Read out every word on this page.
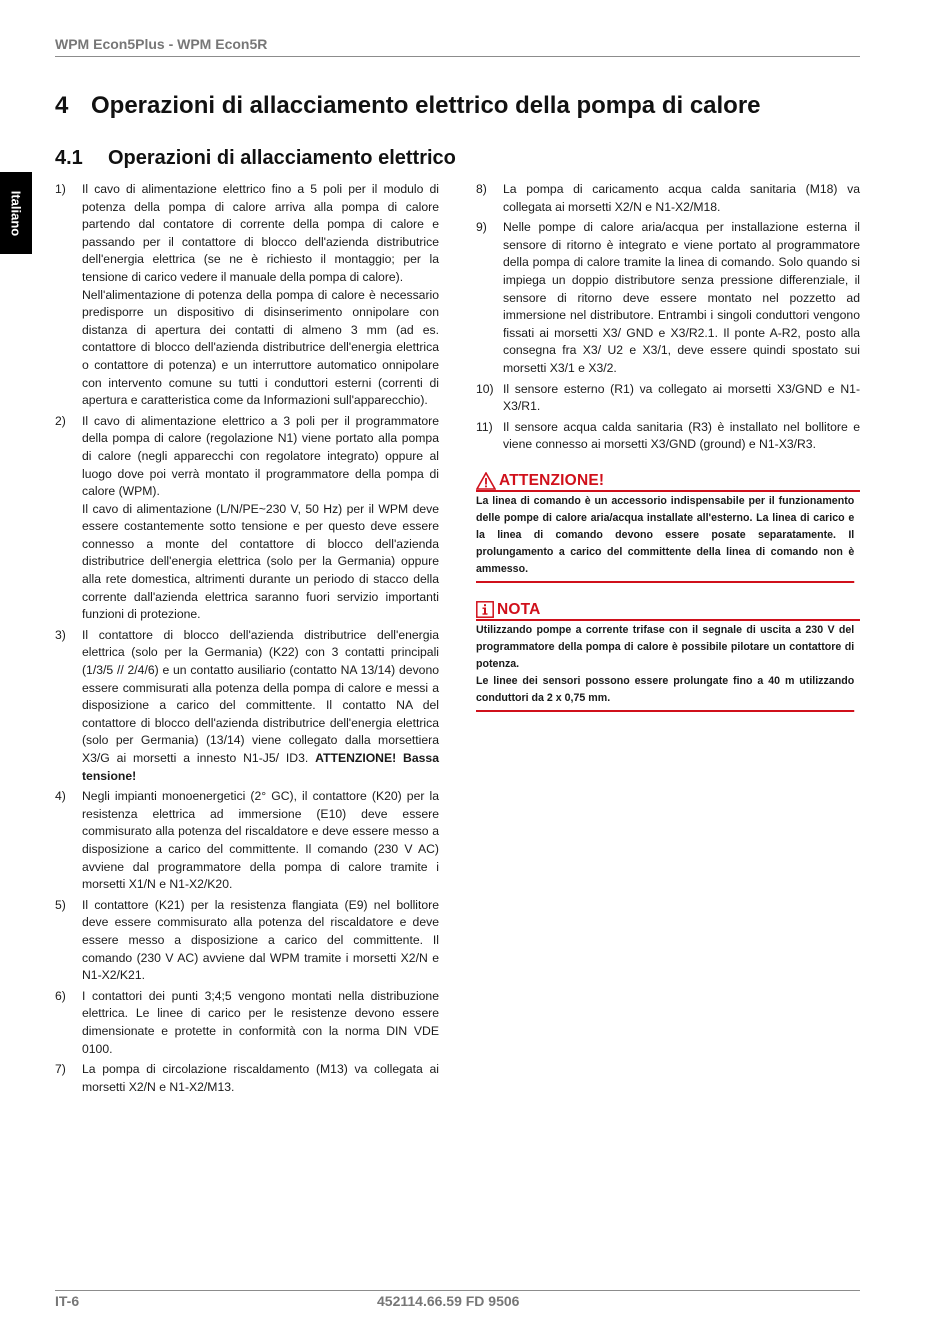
WPM Econ5Plus - WPM Econ5R
Italiano
4 Operazioni di allacciamento elettrico della pompa di calore
4.1 Operazioni di allacciamento elettrico
1)	Il cavo di alimentazione elettrico fino a 5 poli per il modulo di potenza della pompa di calore arriva alla pompa di calore partendo dal contatore di corrente della pompa di calore e passando per il contattore di blocco dell'azienda distributrice dell'energia elettrica (se ne è richiesto il montaggio; per la tensione di carico vedere il manuale della pompa di calore).

Nell'alimentazione di potenza della pompa di calore è necessario predisporre un dispositivo di disinserimento onnipolare con distanza di apertura dei contatti di almeno 3 mm (ad es. contattore di blocco dell'azienda distributrice dell'energia elettrica o contattore di potenza) e un interruttore automatico onnipolare con intervento comune su tutti i conduttori esterni (correnti di apertura e caratteristica come da Informazioni sull'apparecchio).

2)	Il cavo di alimentazione elettrico a 3 poli per il programmatore della pompa di calore (regolazione N1) viene portato alla pompa di calore (negli apparecchi con regolatore integrato) oppure al luogo dove poi verrà montato il programmatore della pompa di calore (WPM).

Il cavo di alimentazione (L/N/PE~230 V, 50 Hz) per il WPM deve essere costantemente sotto tensione e per questo deve essere connesso a monte del contattore di blocco dell'azienda distributrice dell'energia elettrica (solo per la Germania) oppure alla rete domestica, altrimenti durante un periodo di stacco della corrente dall'azienda elettrica saranno fuori servizio importanti funzioni di protezione.

3)	Il contattore di blocco dell'azienda distributrice dell'energia elettrica (solo per la Germania) (K22) con 3 contatti principali (1/3/5 // 2/4/6) e un contatto ausiliario (contatto NA 13/14) devono essere commisurati alla potenza della pompa di calore e messi a disposizione a carico del committente. Il contatto NA del contattore di blocco dell'azienda distributrice dell'energia elettrica (solo per Germania) (13/14) viene collegato dalla morsettiera X3/G ai morsetti a innesto N1-J5/ ID3. ATTENZIONE! Bassa tensione!

4)	Negli impianti monoenergetici (2° GC), il contattore (K20) per la resistenza elettrica ad immersione (E10) deve essere commisurato alla potenza del riscaldatore e deve essere messo a disposizione a carico del committente. Il comando (230 V AC) avviene dal programmatore della pompa di calore tramite i morsetti X1/N e N1-X2/K20.

5)	Il contattore (K21) per la resistenza flangiata (E9) nel bollitore deve essere commisurato alla potenza del riscaldatore e deve essere messo a disposizione a carico del committente. Il comando (230 V AC) avviene dal WPM tramite i morsetti X2/N e N1-X2/K21.

6)	I contattori dei punti 3;4;5 vengono montati nella distribuzione elettrica. Le linee di carico per le resistenze devono essere dimensionate e protette in conformità con la norma DIN VDE 0100.

7)	La pompa di circolazione riscaldamento (M13) va collegata ai morsetti X2/N e N1-X2/M13.

8)	La pompa di caricamento acqua calda sanitaria (M18) va collegata ai morsetti X2/N e N1-X2/M18.

9)	Nelle pompe di calore aria/acqua per installazione esterna il sensore di ritorno è integrato e viene portato al programmatore della pompa di calore tramite la linea di comando. Solo quando si impiega un doppio distributore senza pressione differenziale, il sensore di ritorno deve essere montato nel pozzetto ad immersione nel distributore. Entrambi i singoli conduttori vengono fissati ai morsetti X3/ GND e X3/R2.1. Il ponte A-R2, posto alla consegna fra X3/ U2 e X3/1, deve essere quindi spostato sui morsetti X3/1 e X3/2.

10) Il sensore esterno (R1) va collegato ai morsetti X3/GND e N1-X3/R1.

11) Il sensore acqua calda sanitaria (R3) è installato nel bollitore e viene connesso ai morsetti X3/GND (ground) e N1-X3/R3.

ATTENZIONE!

La linea di comando è un accessorio indispensabile per il funzionamento delle pompe di calore aria/acqua installate all'esterno. La linea di carico e la linea di comando devono essere posate separatamente. Il prolungamento a carico del committente della linea di comando non è ammesso.

NOTA

Utilizzando pompe a corrente trifase con il segnale di uscita a 230 V del programmatore della pompa di calore è possibile pilotare un contattore di potenza.

Le linee dei sensori possono essere prolungate fino a 40 m utilizzando conduttori da 2 x 0,75 mm.

IT-6	452114.66.59 FD 9506
